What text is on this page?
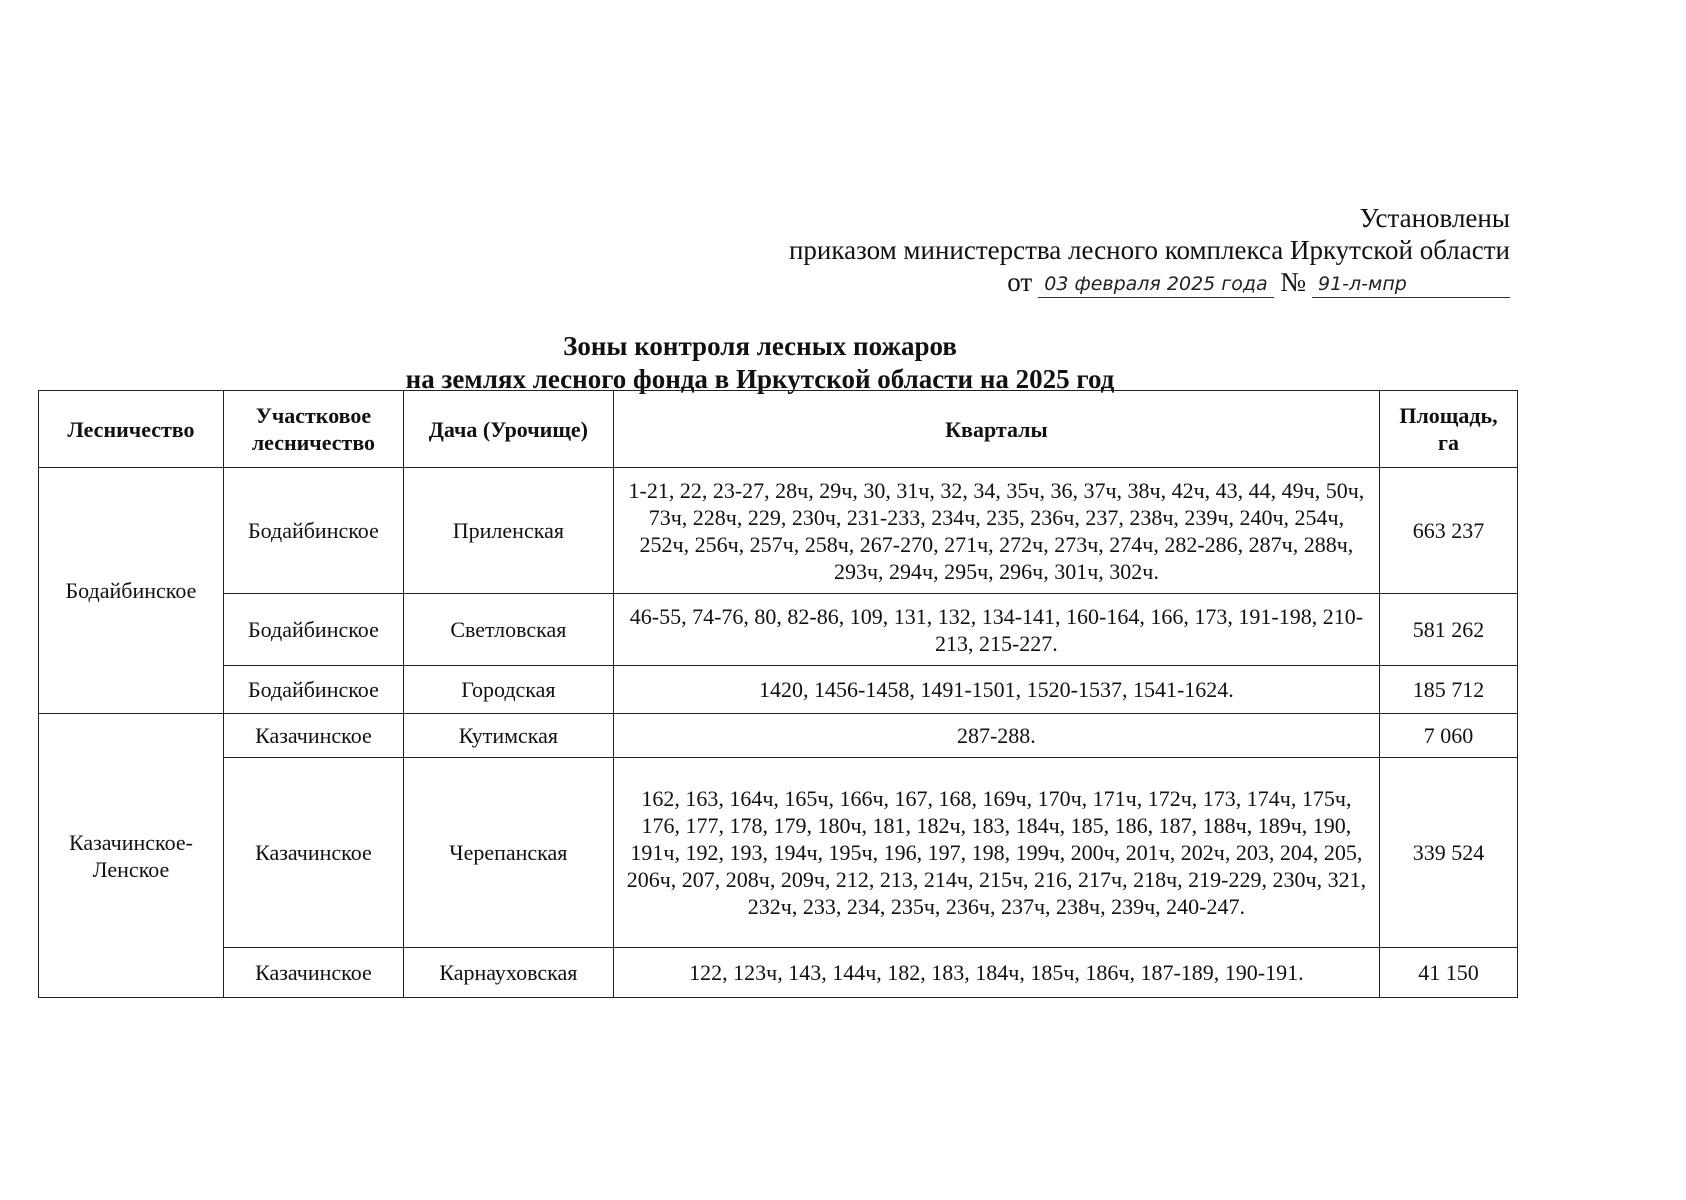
Установлены
приказом министерства лесного комплекса Иркутской области
от 03 февраля 2025 года № 91-л-мпр
Зоны контроля лесных пожаров
на землях лесного фонда в Иркутской области на 2025 год
Лесничество	Участковое лесничество	Дача (Урочище)	Кварталы	Площадь, га
Бодайбинское	Бодайбинское	Приленская	1-21, 22, 23-27, 28ч, 29ч, 30, 31ч, 32, 34, 35ч, 36, 37ч, 38ч, 42ч, 43, 44, 49ч, 50ч, 73ч, 228ч, 229, 230ч, 231-233, 234ч, 235, 236ч, 237, 238ч, 239ч, 240ч, 254ч, 252ч, 256ч, 257ч, 258ч, 267-270, 271ч, 272ч, 273ч, 274ч, 282-286, 287ч, 288ч, 293ч, 294ч, 295ч, 296ч, 301ч, 302ч.	663 237
	Бодайбинское	Светловская	46-55, 74-76, 80, 82-86, 109, 131, 132, 134-141, 160-164, 166, 173, 191-198, 210-213, 215-227.	581 262
	Бодайбинское	Городская	1420, 1456-1458, 1491-1501, 1520-1537, 1541-1624.	185 712
Казачинское-Ленское	Казачинское	Кутимская	287-288.	7 060
	Казачинское	Черепанская	162, 163, 164ч, 165ч, 166ч, 167, 168, 169ч, 170ч, 171ч, 172ч, 173, 174ч, 175ч, 176, 177, 178, 179, 180ч, 181, 182ч, 183, 184ч, 185, 186, 187, 188ч, 189ч, 190, 191ч, 192, 193, 194ч, 195ч, 196, 197, 198, 199ч, 200ч, 201ч, 202ч, 203, 204, 205, 206ч, 207, 208ч, 209ч, 212, 213, 214ч, 215ч, 216, 217ч, 218ч, 219-229, 230ч, 321, 232ч, 233, 234, 235ч, 236ч, 237ч, 238ч, 239ч, 240-247.	339 524
	Казачинское	Карнауховская	122, 123ч, 143, 144ч, 182, 183, 184ч, 185ч, 186ч, 187-189, 190-191.	41 150
